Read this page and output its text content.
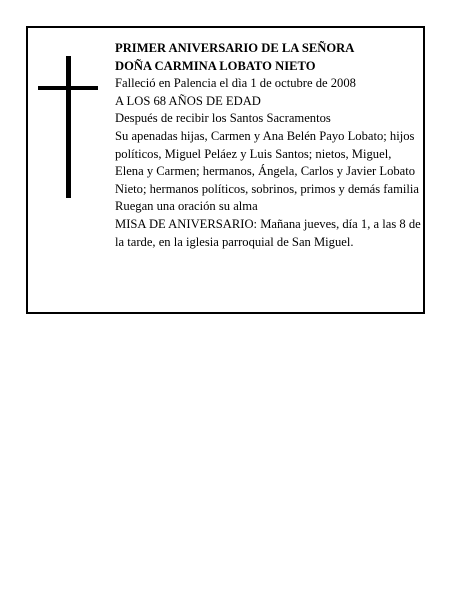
PRIMER ANIVERSARIO DE LA SEÑORA

DOÑA CARMINA LOBATO NIETO

Falleció en Palencia el dìa 1 de octubre de 2008

A LOS 68 AÑOS DE EDAD

Después de recibir los Santos Sacramentos

Su apenadas hijas, Carmen y Ana Belén Payo Lobato; hijos políticos, Miguel Peláez y Luis Santos; nietos, Miguel, Elena y Carmen; hermanos, Ángela, Carlos y Javier Lobato Nieto; hermanos políticos, sobrinos, primos y demás familia

Ruegan una oración su alma

MISA DE ANIVERSARIO: Mañana jueves, día 1, a las 8 de la tarde, en la iglesia parroquial de San Miguel.
